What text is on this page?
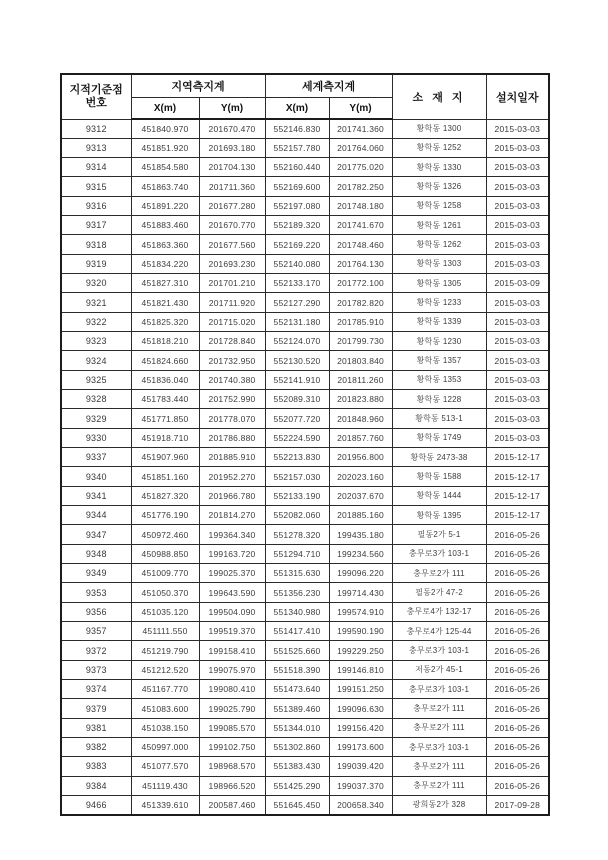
지적기준점
번호	지역측지계		세계측지계		소 재 지	설치일자
	X(m)	Y(m)	X(m)	Y(m)		
9312	451840.970	201670.470	552146.830	201741.360	황학동 1300	2015-03-03
9313	451851.920	201693.180	552157.780	201764.060	황학동 1252	2015-03-03
9314	451854.580	201704.130	552160.440	201775.020	황학동 1330	2015-03-03
9315	451863.740	201711.360	552169.600	201782.250	황학동 1326	2015-03-03
9316	451891.220	201677.280	552197.080	201748.180	황학동 1258	2015-03-03
9317	451883.460	201670.770	552189.320	201741.670	황학동 1261	2015-03-03
9318	451863.360	201677.560	552169.220	201748.460	황학동 1262	2015-03-03
9319	451834.220	201693.230	552140.080	201764.130	황학동 1303	2015-03-03
9320	451827.310	201701.210	552133.170	201772.100	황학동 1305	2015-03-09
9321	451821.430	201711.920	552127.290	201782.820	황학동 1233	2015-03-03
9322	451825.320	201715.020	552131.180	201785.910	황학동 1339	2015-03-03
9323	451818.210	201728.840	552124.070	201799.730	황학동 1230	2015-03-03
9324	451824.660	201732.950	552130.520	201803.840	황학동 1357	2015-03-03
9325	451836.040	201740.380	552141.910	201811.260	황학동 1353	2015-03-03
9328	451783.440	201752.990	552089.310	201823.880	황학동 1228	2015-03-03
9329	451771.850	201778.070	552077.720	201848.960	황학동 513-1	2015-03-03
9330	451918.710	201786.880	552224.590	201857.760	황학동 1749	2015-03-03
9337	451907.960	201885.910	552213.830	201956.800	황학동 2473-38	2015-12-17
9340	451851.160	201952.270	552157.030	202023.160	황학동 1588	2015-12-17
9341	451827.320	201966.780	552133.190	202037.670	황학동 1444	2015-12-17
9344	451776.190	201814.270	552082.060	201885.160	황학동 1395	2015-12-17
9347	450972.460	199364.340	551278.320	199435.180	필동2가 5-1	2016-05-26
9348	450988.850	199163.720	551294.710	199234.560	충무로3가 103-1	2016-05-26
9349	451009.770	199025.370	551315.630	199096.220	충무로2가 111	2016-05-26
9353	451050.370	199643.590	551356.230	199714.430	필동2가 47-2	2016-05-26
9356	451035.120	199504.090	551340.980	199574.910	충무로4가 132-17	2016-05-26
9357	451111.550	199519.370	551417.410	199590.190	충무로4가 125-44	2016-05-26
9372	451219.790	199158.410	551525.660	199229.250	충무로3가 103-1	2016-05-26
9373	451212.520	199075.970	551518.390	199146.810	저동2가 45-1	2016-05-26
9374	451167.770	199080.410	551473.640	199151.250	충무로3가 103-1	2016-05-26
9379	451083.600	199025.790	551389.460	199096.630	충무로2가 111	2016-05-26
9381	451038.150	199085.570	551344.010	199156.420	충무로2가 111	2016-05-26
9382	450997.000	199102.750	551302.860	199173.600	충무로3가 103-1	2016-05-26
9383	451077.570	198968.570	551383.430	199039.420	충무로2가 111	2016-05-26
9384	451119.430	198966.520	551425.290	199037.370	충무로2가 111	2016-05-26
9466	451339.610	200587.460	551645.450	200658.340	광희동2가 328	2017-09-28
